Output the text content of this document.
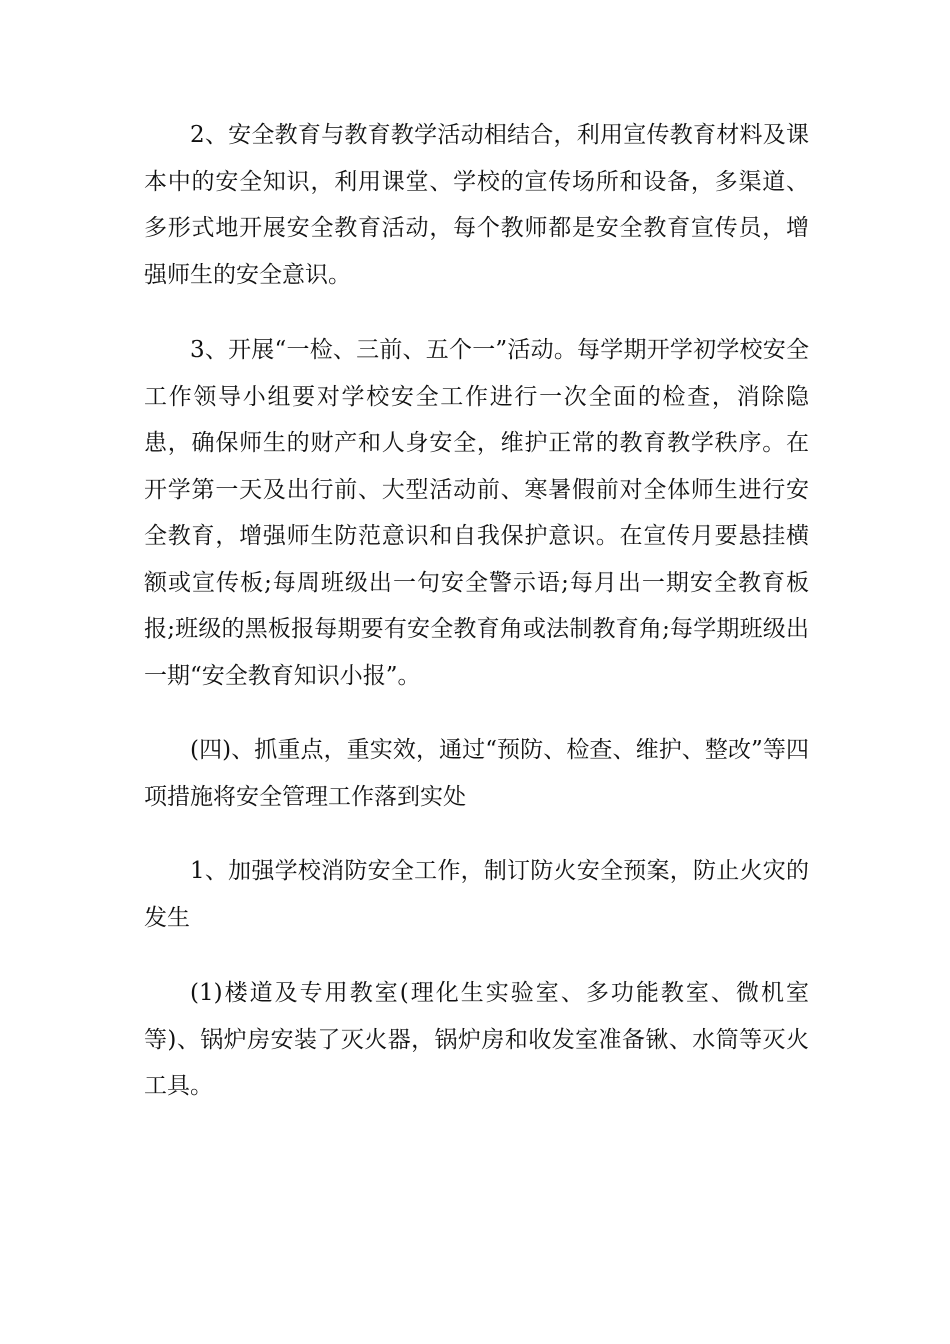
2、安全教育与教育教学活动相结合，利用宣传教育材料及课本中的安全知识，利用课堂、学校的宣传场所和设备，多渠道、多形式地开展安全教育活动，每个教师都是安全教育宣传员，增强师生的安全意识。

3、开展“一检、三前、五个一”活动。每学期开学初学校安全工作领导小组要对学校安全工作进行一次全面的检查，消除隐患，确保师生的财产和人身安全，维护正常的教育教学秩序。在开学第一天及出行前、大型活动前、寒暑假前对全体师生进行安全教育，增强师生防范意识和自我保护意识。在宣传月要悬挂横额或宣传板;每周班级出一句安全警示语;每月出一期安全教育板报;班级的黑板报每期要有安全教育角或法制教育角;每学期班级出一期“安全教育知识小报”。

(四)、抓重点，重实效，通过“预防、检查、维护、整改”等四项措施将安全管理工作落到实处

1、加强学校消防安全工作，制订防火安全预案，防止火灾的发生

(1)楼道及专用教室(理化生实验室、多功能教室、微机室等)、锅炉房安装了灭火器，锅炉房和收发室准备锹、水筒等灭火工具。
